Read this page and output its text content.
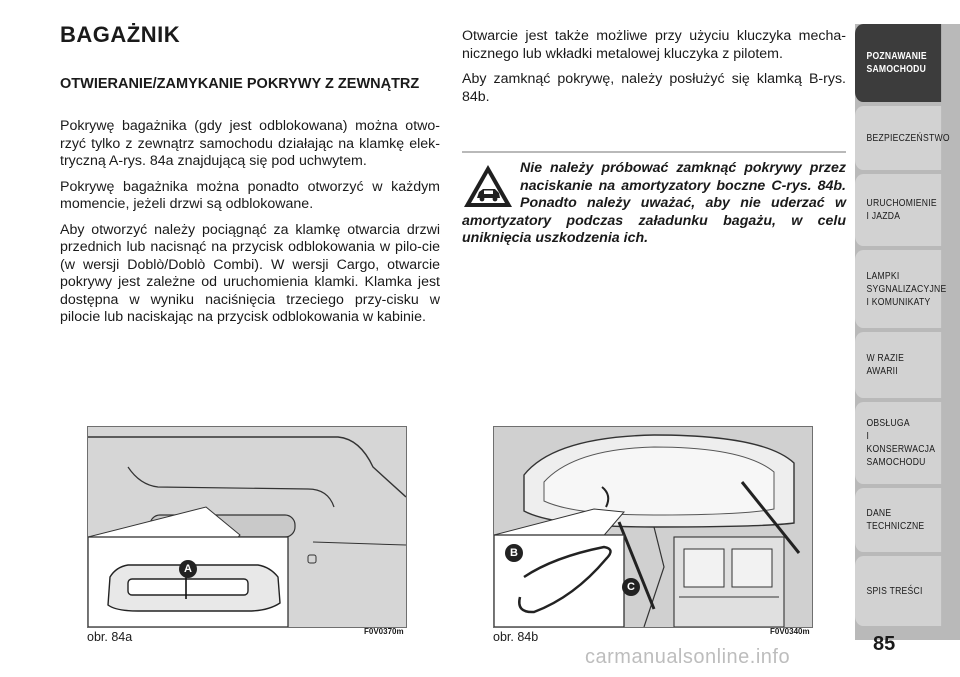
BAGAŻNIK
OTWIERANIE/ZAMYKANIE POKRYWY Z ZEWNĄTRZ

Pokrywę bagażnika (gdy jest odblokowana) można otwo-rzyć tylko z zewnątrz samochodu działając na klamkę elek-tryczną A-rys. 84a znajdującą się pod uchwytem.

Pokrywę bagażnika można ponadto otworzyć w każdym momencie, jeżeli drzwi są odblokowane.

Aby otworzyć należy pociągnąć za klamkę otwarcia drzwi przednich lub nacisnąć na przycisk odblokowania w pilo-cie (w wersji Doblò/Doblò Combi). W wersji Cargo, otwarcie pokrywy jest zależne od uruchomienia klamki. Klamka jest dostępna w wyniku naciśnięcia trzeciego przy-cisku w pilocie lub naciskając na przycisk odblokowania w kabinie.

Otwarcie jest także możliwe przy użyciu kluczyka mecha-nicznego lub wkładki metalowej kluczyka z pilotem.

Aby zamknąć pokrywę, należy posłużyć się klamką B-rys. 84b.

Nie należy próbować zamknąć pokrywy przez naciskanie na amortyzatory boczne C-rys. 84b. Ponadto należy uważać, aby nie uderzać w amortyzatory podczas załadunku bagażu, w celu uniknięcia uszkodzenia ich.
A
obr. 84a	F0V0370m
B
C
obr. 84b	F0V0340m
POZNAWANIE
SAMOCHODU
BEZPIECZEŃSTWO
URUCHOMIENIE
I JAZDA
LAMPKI
SYGNALIZACYJNE
I KOMUNIKATY
W RAZIE AWARII
OBSŁUGA
I KONSERWACJA
SAMOCHODU
DANE
TECHNICZNE
SPIS TREŚCI
85
carmanualsonline.info
